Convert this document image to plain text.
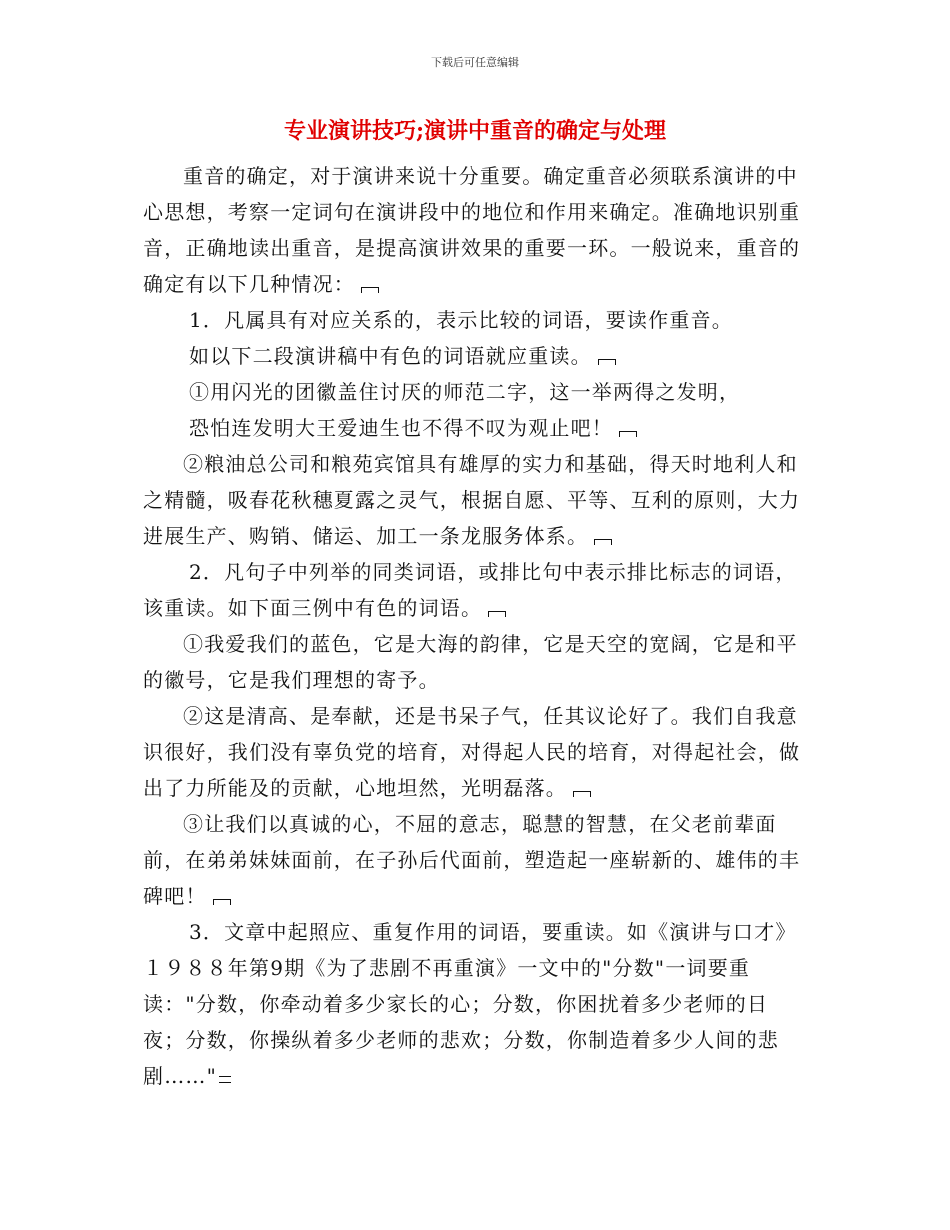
下载后可任意编辑
专业演讲技巧;演讲中重音的确定与处理

重音的确定，对于演讲来说十分重要。确定重音必须联系演讲的中心思想，考察一定词句在演讲段中的地位和作用来确定。准确地识别重音，正确地读出重音，是提高演讲效果的重要一环。一般说来，重音的确定有以下几种情况：

1．凡属具有对应关系的，表示比较的词语，要读作重音。

如以下二段演讲稿中有色的词语就应重读。

①用闪光的团徽盖住讨厌的师范二字，这一举两得之发明，

恐怕连发明大王爱迪生也不得不叹为观止吧！

②粮油总公司和粮苑宾馆具有雄厚的实力和基础，得天时地利人和之精髓，吸春花秋穗夏露之灵气，根据自愿、平等、互利的原则，大力进展生产、购销、储运、加工一条龙服务体系。

2．凡句子中列举的同类词语，或排比句中表示排比标志的词语，该重读。如下面三例中有色的词语。

①我爱我们的蓝色，它是大海的韵律，它是天空的宽阔，它是和平的徽号，它是我们理想的寄予。

②这是清高、是奉献，还是书呆子气，任其议论好了。我们自我意识很好，我们没有辜负党的培育，对得起人民的培育，对得起社会，做出了力所能及的贡献，心地坦然，光明磊落。

③让我们以真诚的心，不屈的意志，聪慧的智慧，在父老前辈面前，在弟弟妹妹面前，在子孙后代面前，塑造起一座崭新的、雄伟的丰碑吧！

3．文章中起照应、重复作用的词语，要重读。如《演讲与口才》１９８８年第9期《为了悲剧不再重演》一文中的"分数"一词要重读："分数，你牵动着多少家长的心；分数，你困扰着多少老师的日夜；分数，你操纵着多少老师的悲欢；分数，你制造着多少人间的悲剧……"
